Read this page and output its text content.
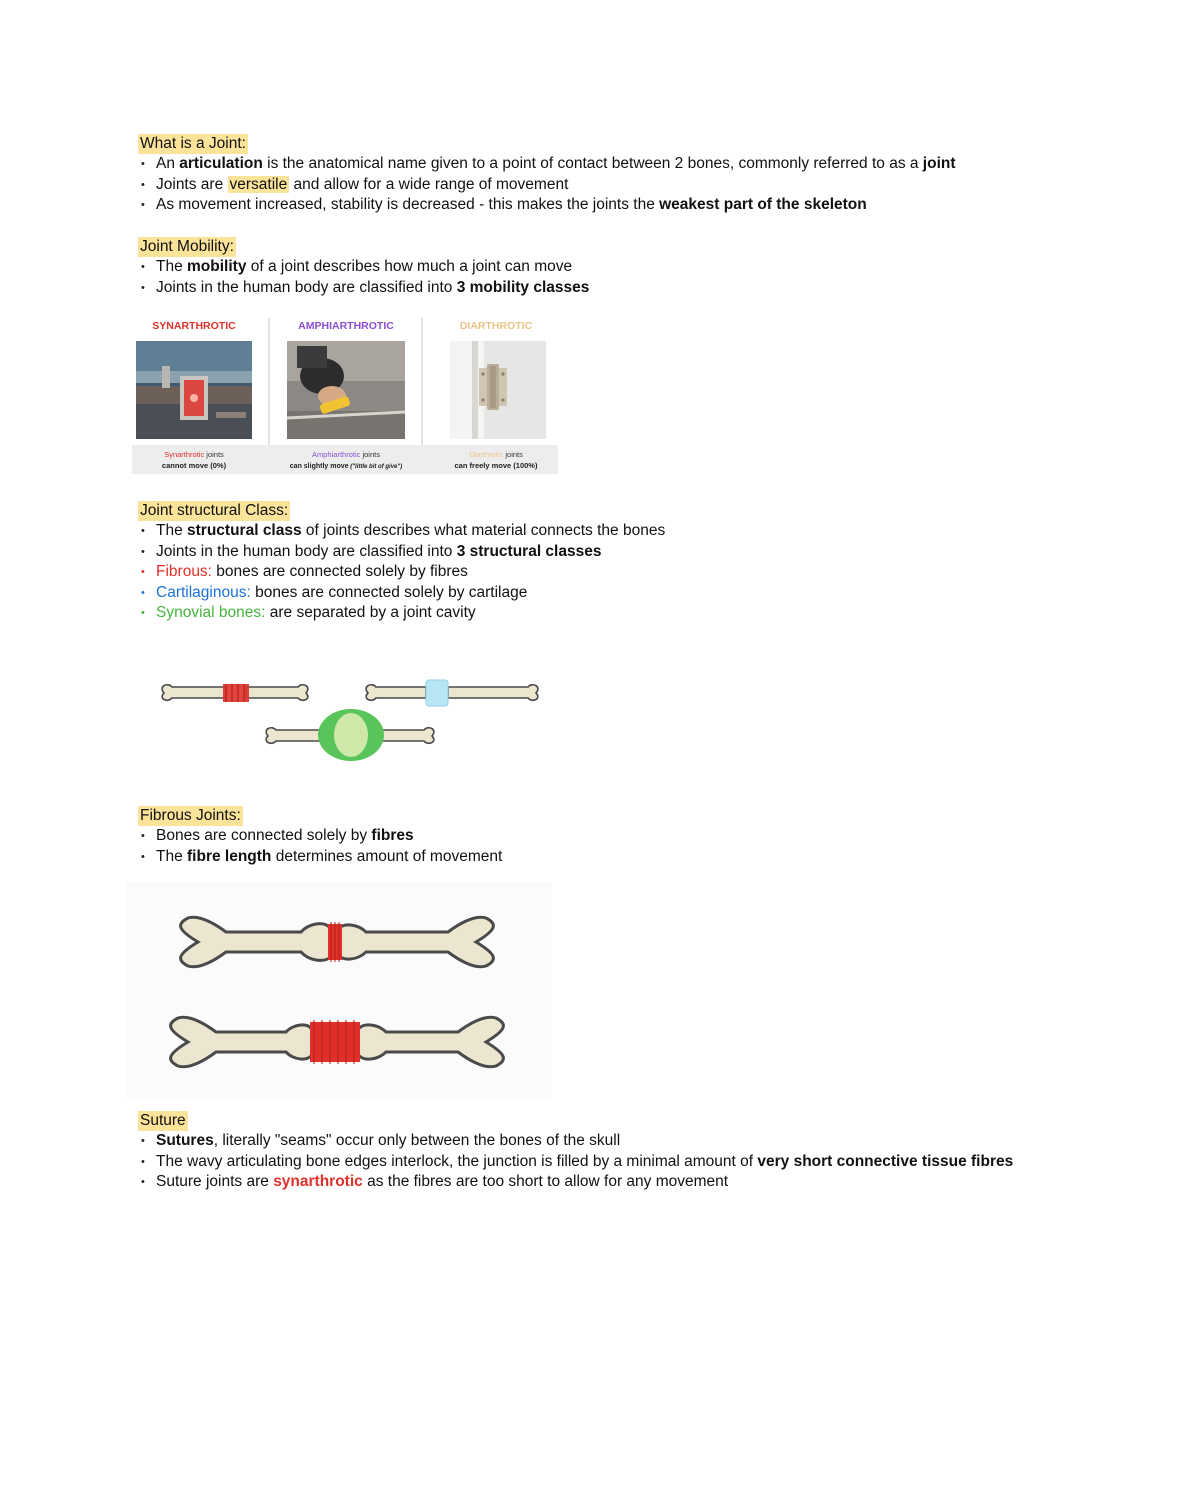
What is a Joint:
• An articulation is the anatomical name given to a point of contact between 2 bones, commonly referred to as a joint
• Joints are versatile and allow for a wide range of movement
• As movement increased, stability is decreased - this makes the joints the weakest part of the skeleton
Joint Mobility:
• The mobility of a joint describes how much a joint can move
• Joints in the human body are classified into 3 mobility classes
SYNARTHROTIC
Synarthrotic joints
cannot move (0%)
AMPHIARTHROTIC
Amphiarthrotic joints
can slightly move ("little bit of give")
DIARTHROTIC
Diarthrotic joints
can freely move (100%)
Joint structural Class:
• The structural class of joints describes what material connects the bones
• Joints in the human body are classified into 3 structural classes
• Fibrous: bones are connected solely by fibres
• Cartilaginous: bones are connected solely by cartilage
• Synovial bones: are separated by a joint cavity
Fibrous Joints:
• Bones are connected solely by fibres
• The fibre length determines amount of movement
Suture
• Sutures, literally "seams" occur only between the bones of the skull
• The wavy articulating bone edges interlock, the junction is filled by a minimal amount of very short connective tissue fibres
• Suture joints are synarthrotic as the fibres are too short to allow for any movement
